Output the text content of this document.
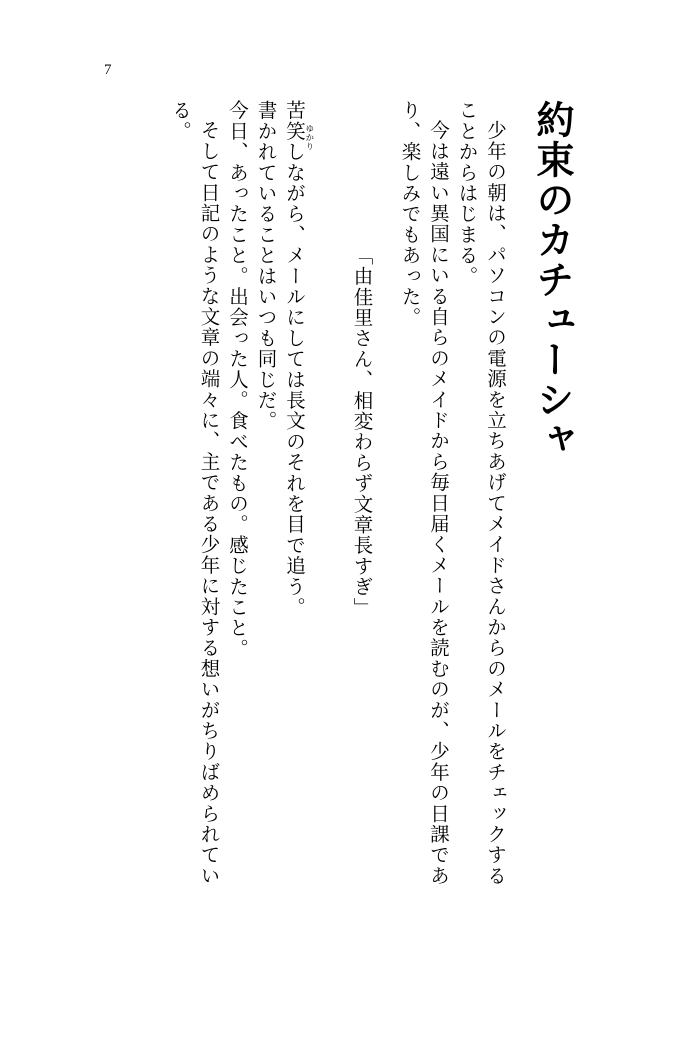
7
約束のカチューシャ
少年の朝は、パソコンの電源を立ちあげてメイドさんからのメールをチェックする
ことからはじまる。
今は遠い異国にいる自らのメイドから毎日届くメールを読むのが、少年の日課であ
り、楽しみでもあった。

「由佳里さん、相変わらず文章長すぎ」

ゆかり

苦笑しながら、メールにしては長文のそれを目で追う。
書かれていることはいつも同じだ。
今日、あったこと。出会った人。食べたもの。感じたこと。
そして日記のような文章の端々に、主である少年に対する想いがちりばめられてい
る。
